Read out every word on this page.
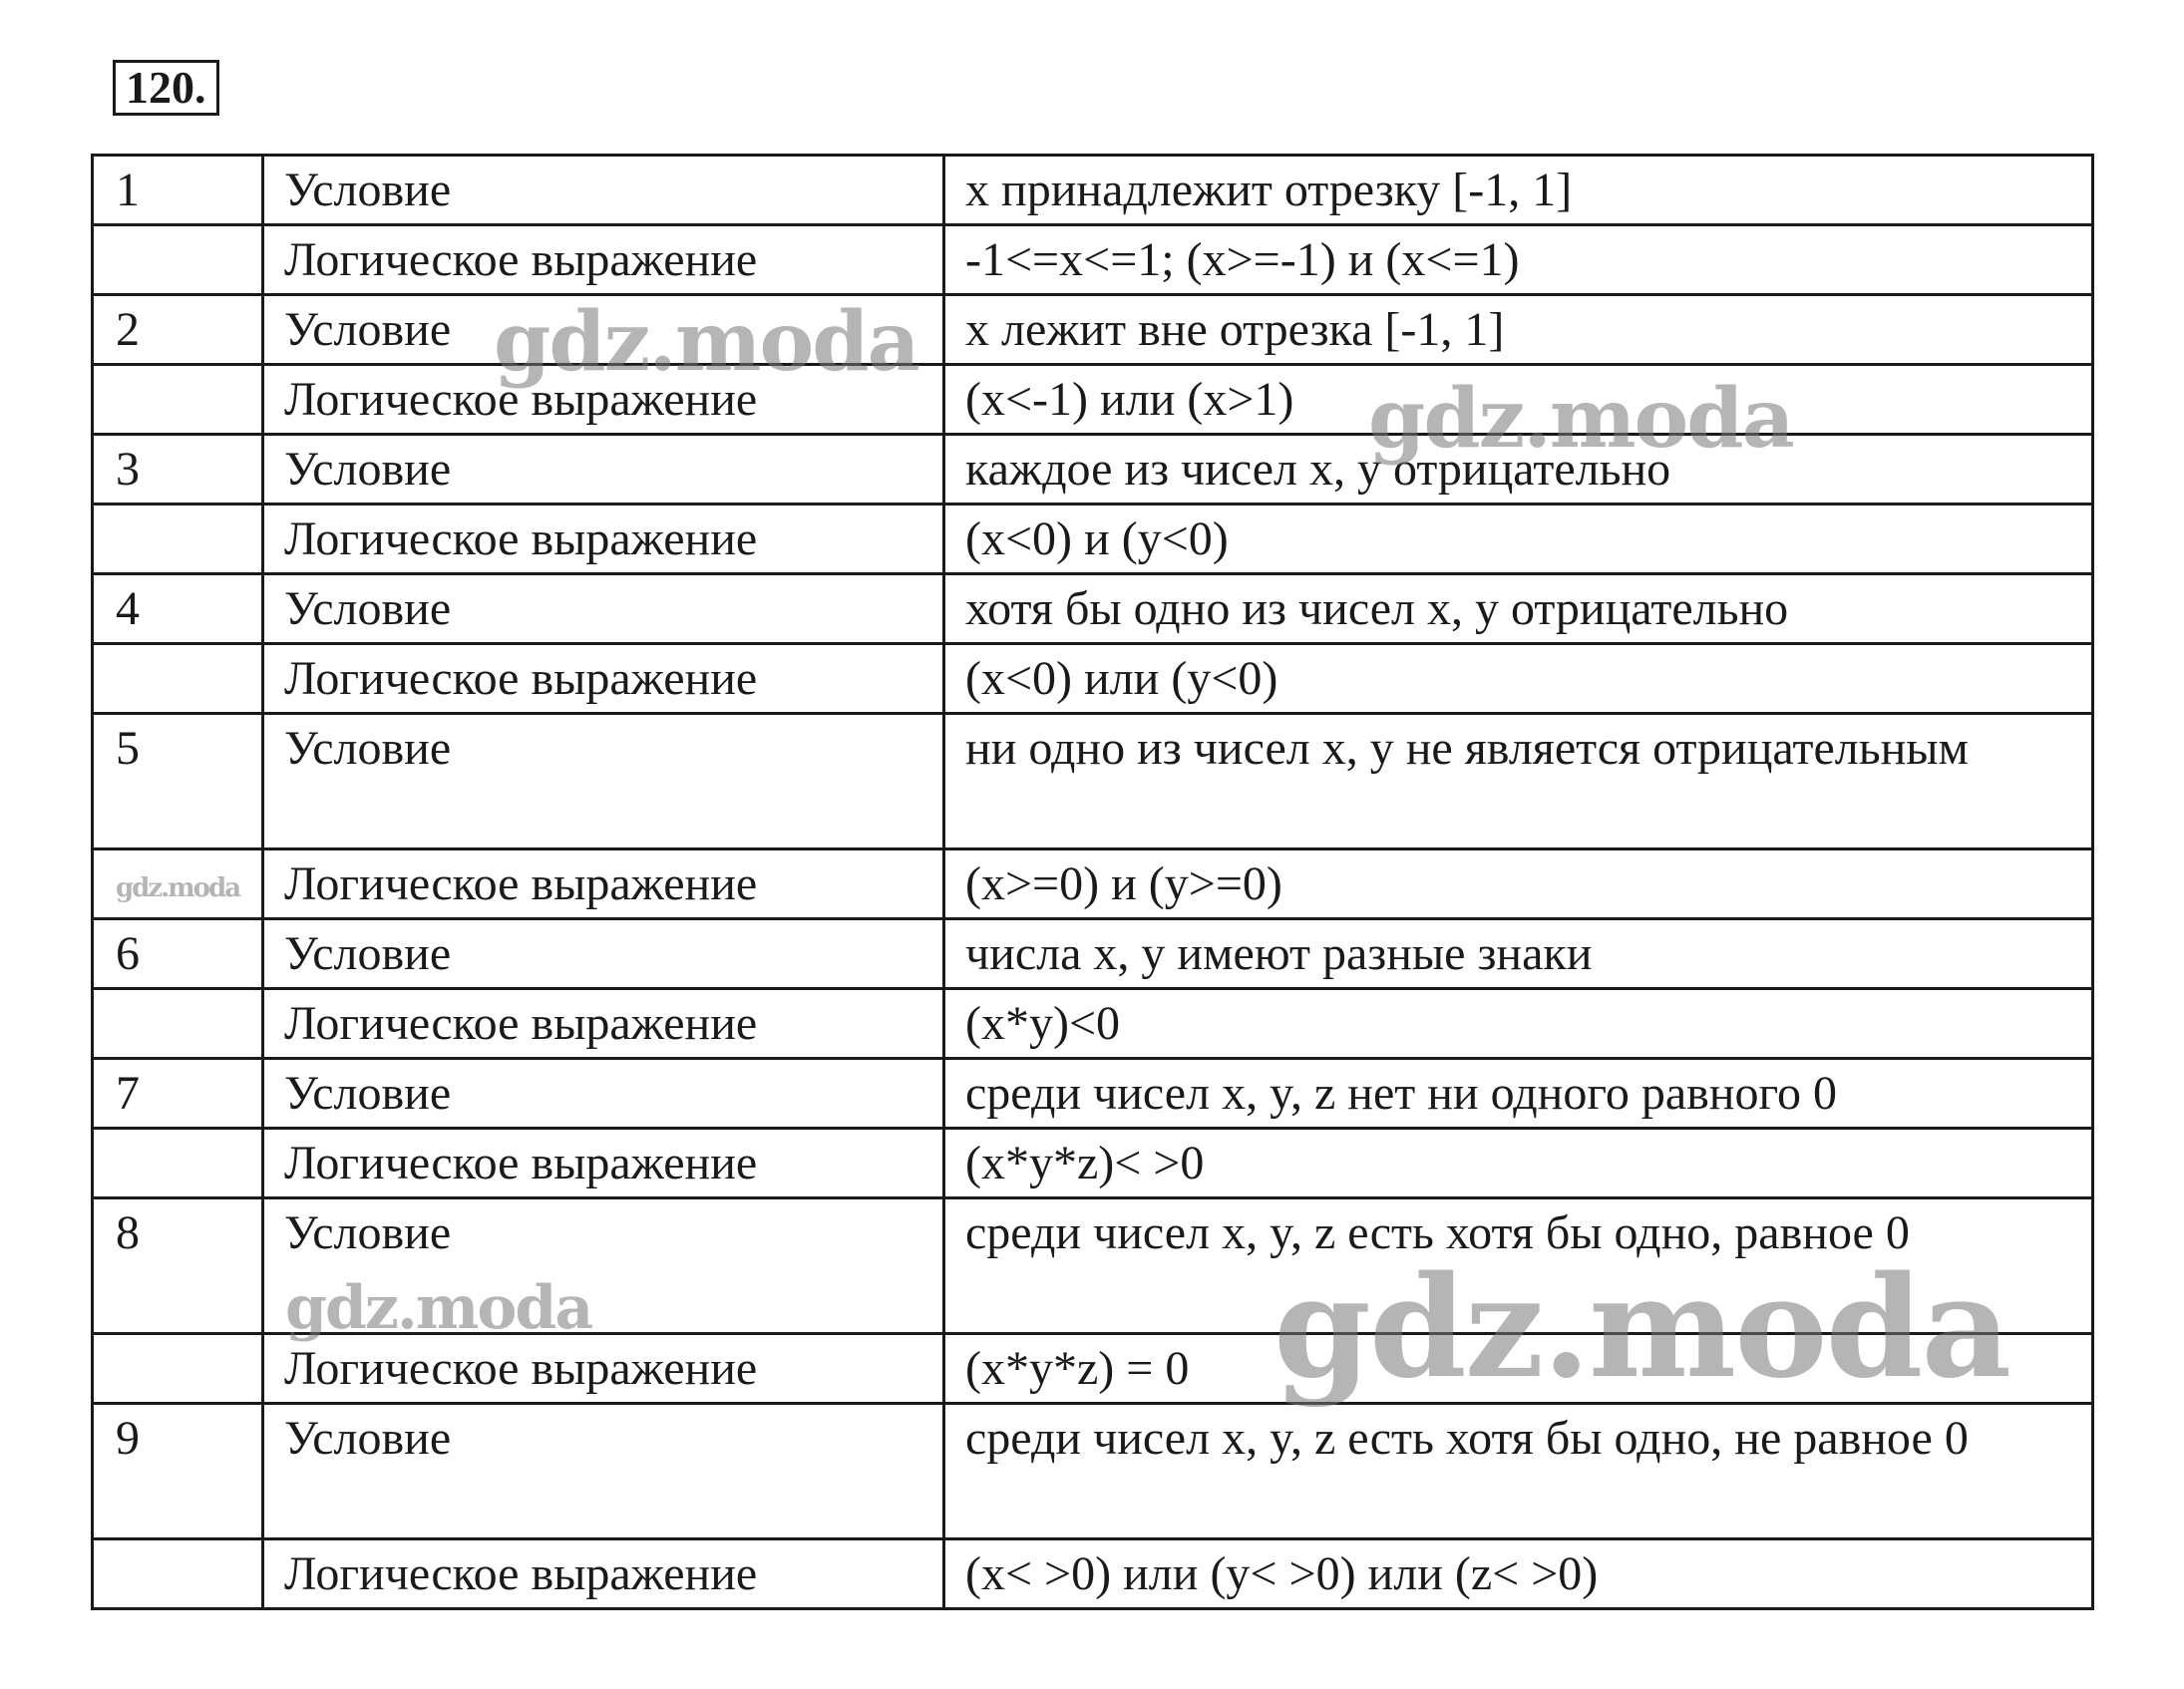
120.
1	Условие	x принадлежит отрезку [-1, 1]
	Логическое выражение	-1<=x<=1; (x>=-1) и (x<=1)
2	Условие	x лежит вне отрезка [-1, 1]
	Логическое выражение	(x<-1) или (x>1)
3	Условие	каждое из чисел x, y отрицательно
	Логическое выражение	(x<0) и (y<0)
4	Условие	хотя бы одно из чисел x, y отрицательно
	Логическое выражение	(x<0) или (y<0)
5	Условие	ни одно из чисел x, y не является отрицательным
	Логическое выражение	(x>=0) и (y>=0)
6	Условие	числа x, y имеют разные знаки
	Логическое выражение	(x*y)<0
7	Условие	среди чисел x, y, z нет ни одного равного 0
	Логическое выражение	(x*y*z)< >0
8	Условие	среди чисел x, y, z есть хотя бы одно, равное 0
	Логическое выражение	(x*y*z) = 0
9	Условие	среди чисел x, y, z есть хотя бы одно, не равное 0
	Логическое выражение	(x< >0) или (y< >0) или (z< >0)
gdz.moda
gdz.moda
gdz.moda
gdz.moda	gdz.moda
